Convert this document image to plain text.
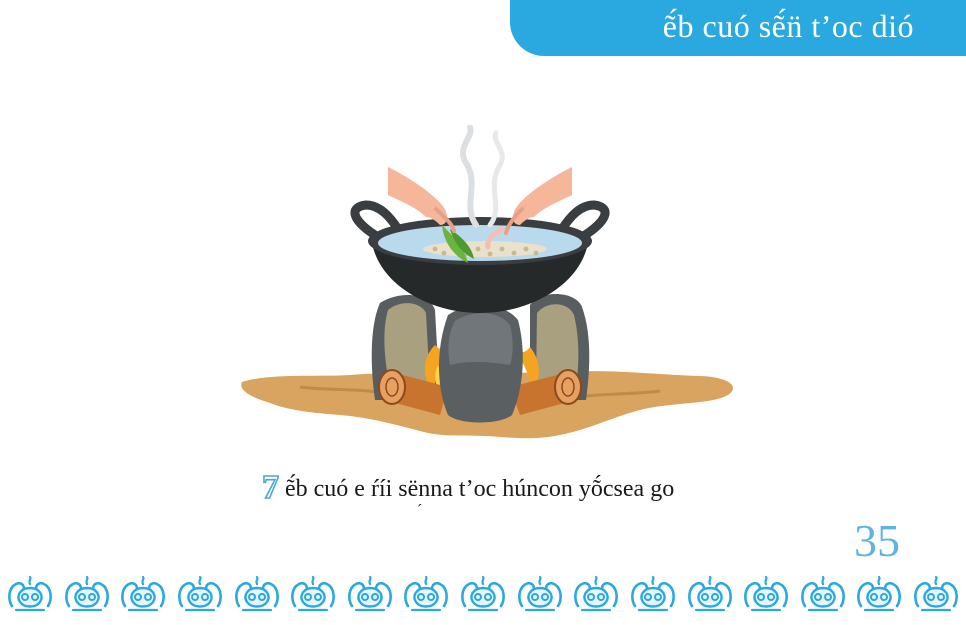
ẽ́b cuó sẽ́n̈ t’oc dió
7 ẽ́b cuó e ŕíi sënna t’oc húncon yṍcsea go
´
35
